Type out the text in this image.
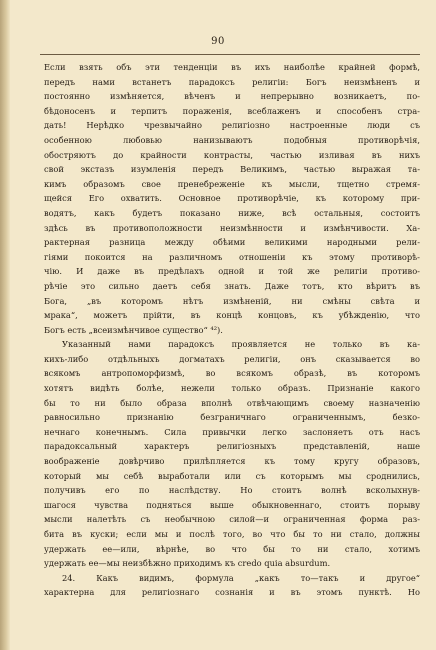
90
Если взять объ эти тенденціи въ ихъ наиболѣе крайней формѣ,
передъ нами встанетъ парадоксъ религіи: Богъ неизмѣненъ и
постоянно измѣняется, вѣченъ и непрерывно возникаетъ, по-
бѣдоносенъ и терпитъ пораженія, всеблаженъ и способенъ стра-
дать! Нерѣдко чрезвычайно религіозно настроенные люди съ
особенною любовью нанизываютъ подобныя противорѣчія,
обостряютъ до крайности контрасты, частью изливая въ нихъ
свой экстазъ изумленія передъ Великимъ, частью выражая та-
кимъ образомъ свое пренебреженіе къ мысли, тщетно стремя-
щейся Его охватить. Основное противорѣчіе, къ которому при-
водятъ, какъ будетъ показано ниже, всѣ остальныя, состоитъ
здѣсь въ противоположности неизмѣнности и измѣнчивости. Ха-
рактерная разница между обѣими великими народными рели-
гіями покоится на различномъ отношеніи къ этому противорѣ-
чію. И даже въ предѣлахъ одной и той же религіи противо-
рѣчіе это сильно даетъ себя знать. Даже тотъ, кто вѣритъ въ
Бога, „въ которомъ нѣтъ измѣненій, ни смѣны свѣта и
мрака“, можетъ прійти, въ концѣ концовъ, къ убѣжденію, что
Богъ есть „всеизмѣнчивое существо“ ⁴²).
Указанный нами парадоксъ проявляется не только въ ка-
кихъ-либо отдѣльныхъ догматахъ религіи, онъ сказывается во
всякомъ антропоморфизмѣ, во всякомъ образѣ, въ которомъ
хотятъ видѣть болѣе, нежели только образъ. Признаніе какого
бы то ни было образа вполнѣ отвѣчающимъ своему назначенію
равносильно признанію безграничнаго ограниченнымъ, безко-
нечнаго конечнымъ. Сила привычки легко заслоняетъ отъ насъ
парадоксальный характеръ религіозныхъ представленій, наше
воображеніе довѣрчиво прилѣпляется къ тому кругу образовъ,
который мы себѣ выработали или съ которымъ мы сроднились,
получивъ его по наслѣдству. Но стоитъ волнѣ всколыхнув-
шагося чувства подняться выше обыкновеннаго, стоитъ порыву
мысли налетѣть съ необычною силой—и ограниченная форма раз-
бита въ куски; если мы и послѣ того, во что бы то ни стало, должны
удержать ее—или, вѣрнѣе, во что бы то ни стало, хотимъ
удержать ее—мы неизбѣжно приходимъ къ credo quia absurdum.
24. Какъ видимъ, формула „какъ то—такъ и другое“
характерна для религіознаго сознанія и въ этомъ пунктѣ. Но
